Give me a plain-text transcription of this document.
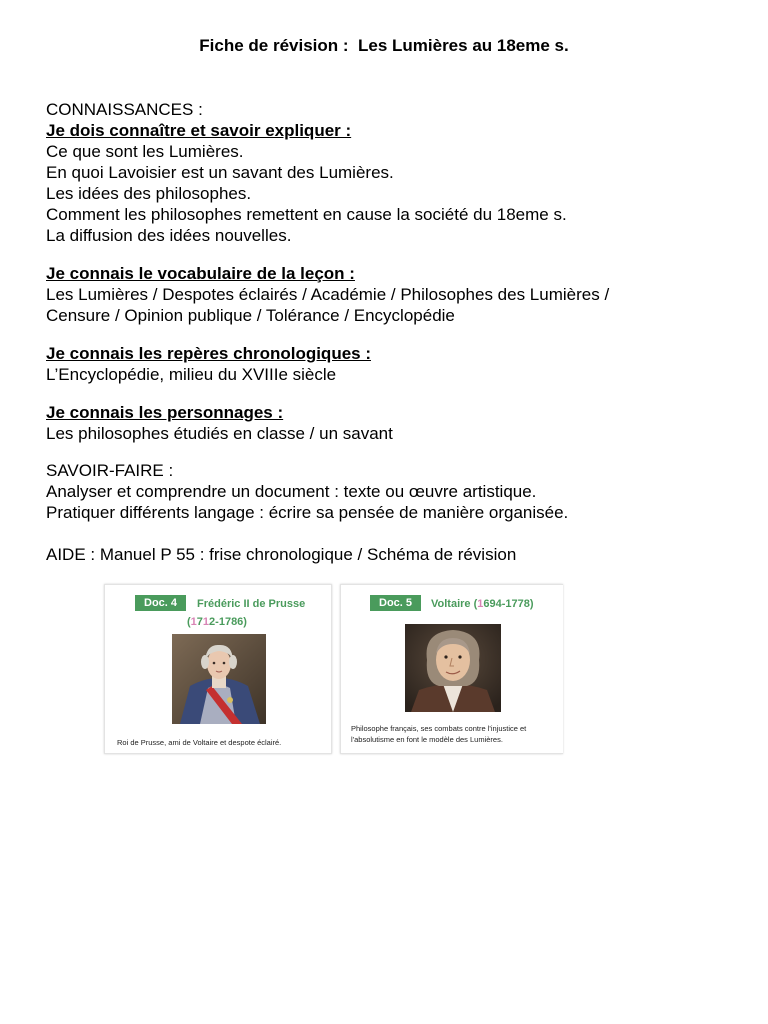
Fiche de révision :  Les Lumières au 18eme s.
CONNAISSANCES :
Je dois connaître et savoir expliquer :
Ce que sont les Lumières.
En quoi Lavoisier est un savant des Lumières.
Les idées des philosophes.
Comment les philosophes remettent en cause la société du 18eme s.
La diffusion des idées nouvelles.
Je connais le vocabulaire de la leçon :
Les Lumières / Despotes éclairés / Académie / Philosophes des Lumières /
Censure / Opinion publique / Tolérance / Encyclopédie
Je connais les repères chronologiques :
L’Encyclopédie, milieu du XVIIIe siècle
Je connais les personnages :
Les philosophes étudiés en classe / un savant
SAVOIR-FAIRE :
Analyser et comprendre un document : texte ou œuvre artistique.
Pratiquer différents langage : écrire sa pensée de manière organisée.
AIDE : Manuel P 55 : frise chronologique / Schéma de révision
Doc. 4	Frédéric II de Prusse
(1712-1786)
Roi de Prusse, ami de Voltaire et despote éclairé.
Doc. 5	Voltaire (1694-1778)
Philosophe français, ses combats contre l'injustice et
l'absolutisme en font le modèle des Lumières.
